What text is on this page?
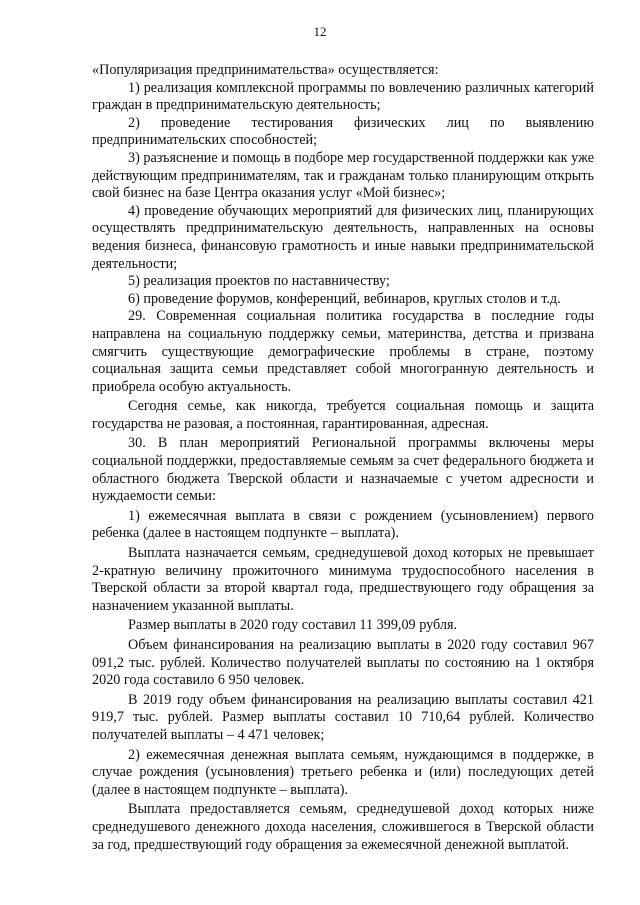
12

«Популяризация предпринимательства» осуществляется:

1) реализация комплексной программы по вовлечению различных категорий граждан в предпринимательскую деятельность;

2) проведение тестирования физических лиц по выявлению предпринимательских способностей;

3) разъяснение и помощь в подборе мер государственной поддержки как уже действующим предпринимателям, так и гражданам только планирующим открыть свой бизнес на базе Центра оказания услуг «Мой бизнес»;

4) проведение обучающих мероприятий для физических лиц, планирующих осуществлять предпринимательскую деятельность, направленных на основы ведения бизнеса, финансовую грамотность и иные навыки предпринимательской деятельности;

5) реализация проектов по наставничеству;

6) проведение форумов, конференций, вебинаров, круглых столов и т.д.

29. Современная социальная политика государства в последние годы направлена на социальную поддержку семьи, материнства, детства и призвана смягчить существующие демографические проблемы в стране, поэтому социальная защита семьи представляет собой многогранную деятельность и приобрела особую актуальность.

Сегодня семье, как никогда, требуется социальная помощь и защита государства не разовая, а постоянная, гарантированная, адресная.

30. В план мероприятий Региональной программы включены меры социальной поддержки, предоставляемые семьям за счет федерального бюджета и областного бюджета Тверской области и назначаемые с учетом адресности и нуждаемости семьи:

1) ежемесячная выплата в связи с рождением (усыновлением) первого ребенка (далее в настоящем подпункте – выплата).

Выплата назначается семьям, среднедушевой доход которых не превышает 2-кратную величину прожиточного минимума трудоспособного населения в Тверской области за второй квартал года, предшествующего году обращения за назначением указанной выплаты.

Размер выплаты в 2020 году составил 11 399,09 рубля.

Объем финансирования на реализацию выплаты в 2020 году составил 967 091,2 тыс. рублей. Количество получателей выплаты по состоянию на 1 октября 2020 года составило 6 950 человек.

В 2019 году объем финансирования на реализацию выплаты составил 421 919,7 тыс. рублей. Размер выплаты составил 10 710,64 рублей. Количество получателей выплаты – 4 471 человек;

2) ежемесячная денежная выплата семьям, нуждающимся в поддержке, в случае рождения (усыновления) третьего ребенка и (или) последующих детей (далее в настоящем подпункте – выплата).

Выплата предоставляется семьям, среднедушевой доход которых ниже среднедушевого денежного дохода населения, сложившегося в Тверской области за год, предшествующий году обращения за ежемесячной денежной выплатой.
